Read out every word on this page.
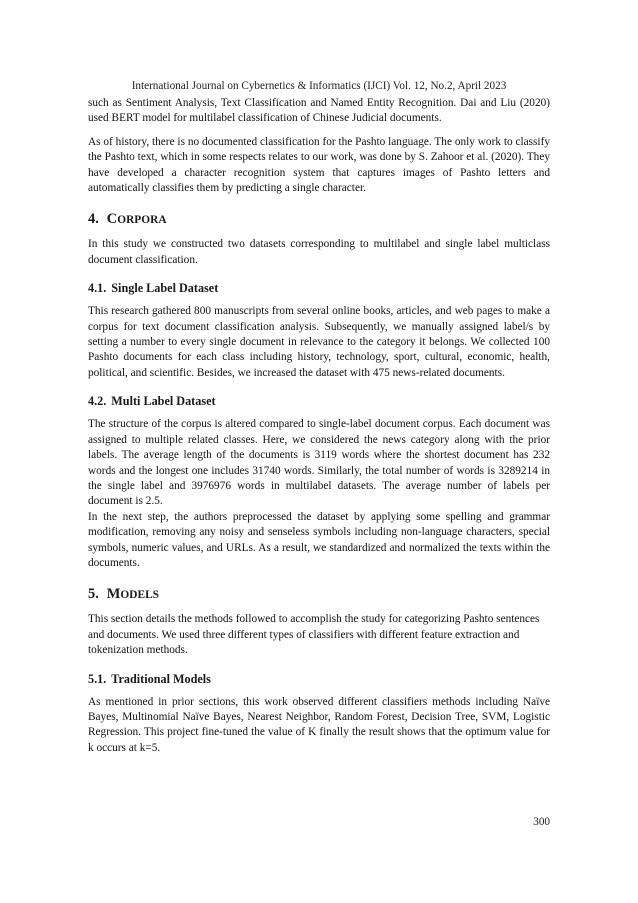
International Journal on Cybernetics & Informatics (IJCI) Vol. 12, No.2, April 2023

such as Sentiment Analysis, Text Classification and Named Entity Recognition. Dai and Liu (2020) used BERT model for multilabel classification of Chinese Judicial documents.

As of history, there is no documented classification for the Pashto language. The only work to classify the Pashto text, which in some respects relates to our work, was done by S. Zahoor et al. (2020). They have developed a character recognition system that captures images of Pashto letters and automatically classifies them by predicting a single character.

4. CORPORA

In this study we constructed two datasets corresponding to multilabel and single label multiclass document classification.

4.1. Single Label Dataset

This research gathered 800 manuscripts from several online books, articles, and web pages to make a corpus for text document classification analysis. Subsequently, we manually assigned label/s by setting a number to every single document in relevance to the category it belongs. We collected 100 Pashto documents for each class including history, technology, sport, cultural, economic, health, political, and scientific. Besides, we increased the dataset with 475 news-related documents.

4.2. Multi Label Dataset

The structure of the corpus is altered compared to single-label document corpus. Each document was assigned to multiple related classes. Here, we considered the news category along with the prior labels. The average length of the documents is 3119 words where the shortest document has 232 words and the longest one includes 31740 words. Similarly, the total number of words is 3289214 in the single label and 3976976 words in multilabel datasets. The average number of labels per document is 2.5.

In the next step, the authors preprocessed the dataset by applying some spelling and grammar modification, removing any noisy and senseless symbols including non-language characters, special symbols, numeric values, and URLs. As a result, we standardized and normalized the texts within the documents.

5. MODELS

This section details the methods followed to accomplish the study for categorizing Pashto sentences and documents. We used three different types of classifiers with different feature extraction and tokenization methods.

5.1. Traditional Models

As mentioned in prior sections, this work observed different classifiers methods including Naïve Bayes, Multinomial Naïve Bayes, Nearest Neighbor, Random Forest, Decision Tree, SVM, Logistic Regression. This project fine-tuned the value of K finally the result shows that the optimum value for k occurs at k=5.

300
